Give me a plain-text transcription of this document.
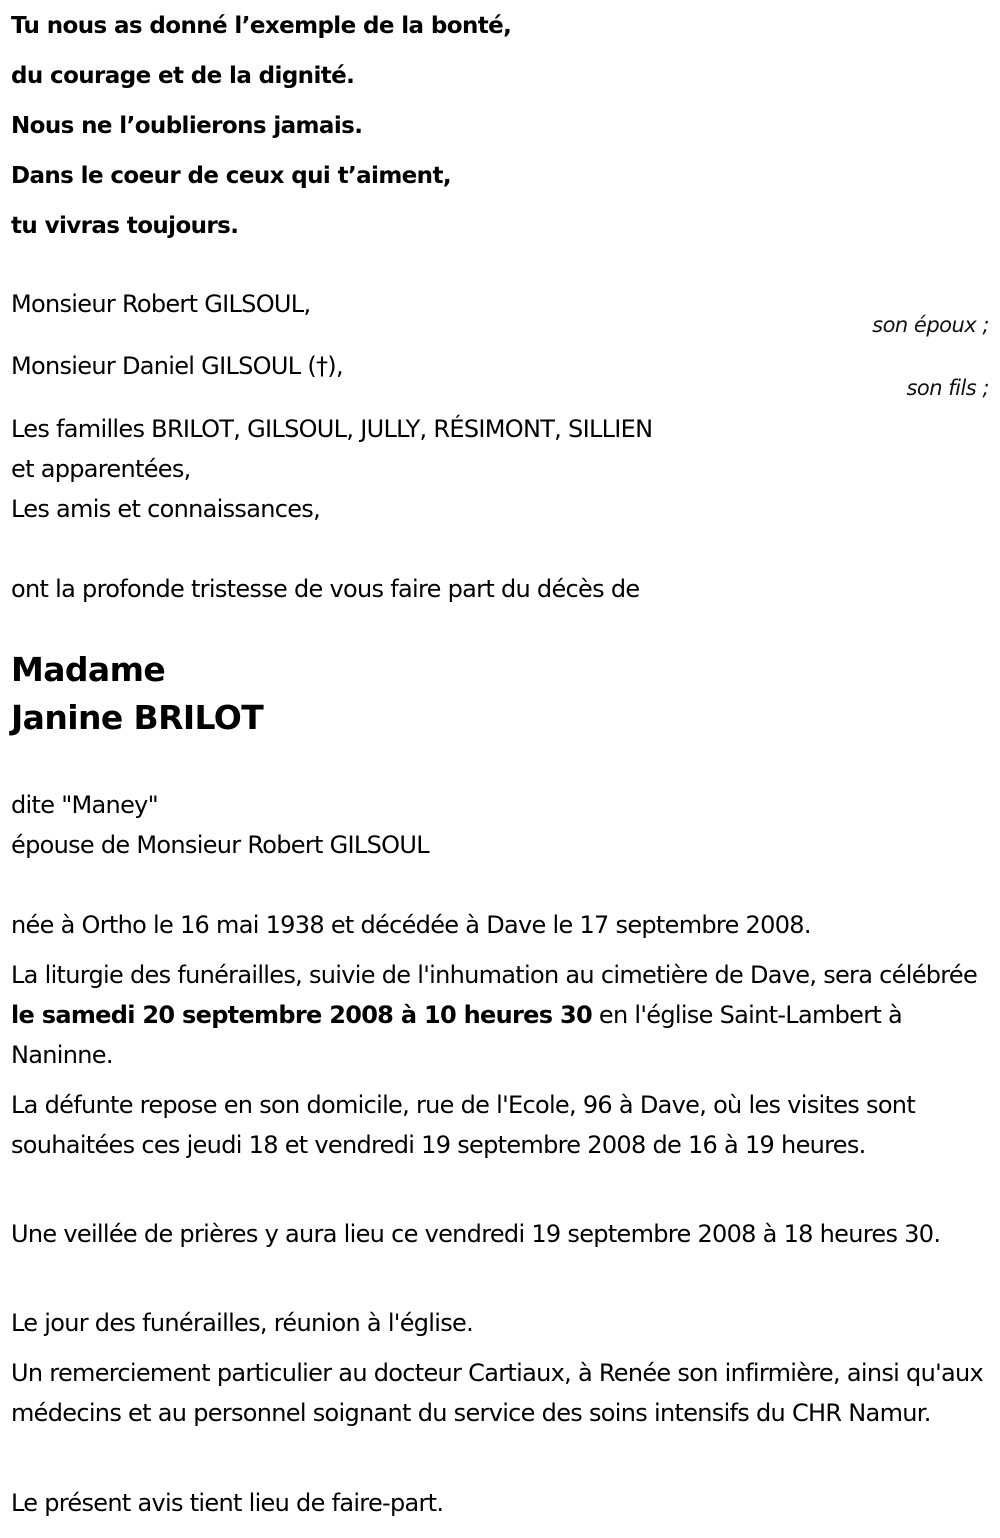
Tu nous as donné l’exemple de la bonté,
du courage et de la dignité.
Nous ne l’oublierons jamais.
Dans le coeur de ceux qui t’aiment,
tu vivras toujours.
Monsieur Robert GILSOUL,
son époux ;
Monsieur Daniel GILSOUL (†),
son fils ;
Les familles BRILOT, GILSOUL, JULLY, RÉSIMONT, SILLIEN
et apparentées,
Les amis et connaissances,
ont la profonde tristesse de vous faire part du décès de
Madame
Janine BRILOT
dite "Maney"
épouse de Monsieur Robert GILSOUL
née à Ortho le 16 mai 1938 et décédée à Dave le 17 septembre 2008.
La liturgie des funérailles, suivie de l'inhumation au cimetière de Dave, sera célébrée le samedi 20 septembre 2008 à 10 heures 30 en l'église Saint-Lambert à Naninne.
La défunte repose en son domicile, rue de l'Ecole, 96 à Dave, où les visites sont souhaitées ces jeudi 18 et vendredi 19 septembre 2008 de 16 à 19 heures.
Une veillée de prières y aura lieu ce vendredi 19 septembre 2008 à 18 heures 30.
Le jour des funérailles, réunion à l'église.
Un remerciement particulier au docteur Cartiaux, à Renée son infirmière, ainsi qu'aux médecins et au personnel soignant du service des soins intensifs du CHR Namur.
Le présent avis tient lieu de faire-part.
